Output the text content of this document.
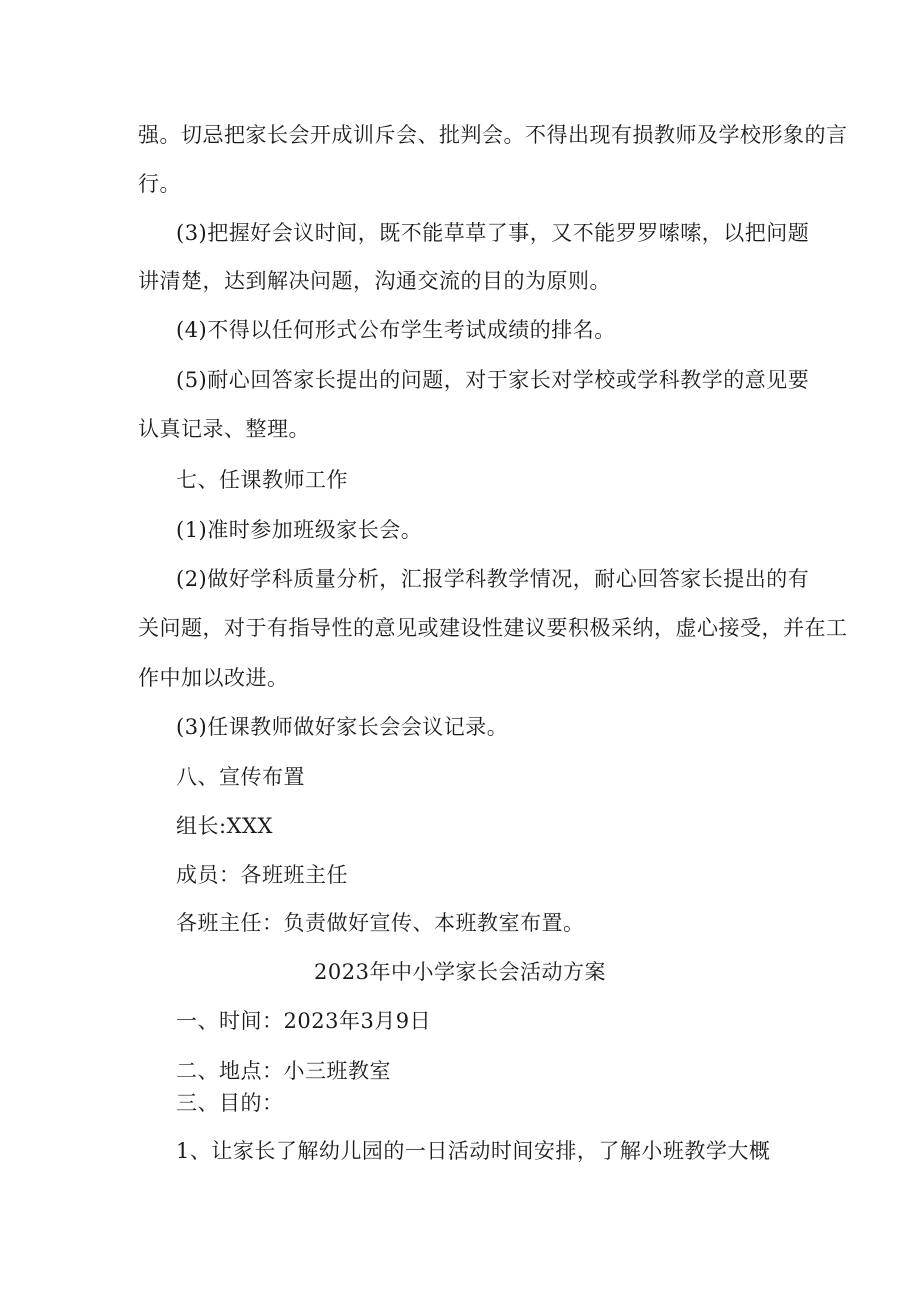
强。切忌把家长会开成训斥会、批判会。不得出现有损教师及学校形象的言
行。
(3)把握好会议时间，既不能草草了事，又不能罗罗嗦嗦，以把问题
讲清楚，达到解决问题，沟通交流的目的为原则。
(4)不得以任何形式公布学生考试成绩的排名。
(5)耐心回答家长提出的问题，对于家长对学校或学科教学的意见要
认真记录、整理。
七、任课教师工作
(1)准时参加班级家长会。
(2)做好学科质量分析，汇报学科教学情况，耐心回答家长提出的有
关问题，对于有指导性的意见或建设性建议要积极采纳，虚心接受，并在工
作中加以改进。
(3)任课教师做好家长会会议记录。
八、宣传布置
组长:XXX
成员：各班班主任
各班主任：负责做好宣传、本班教室布置。
2023年中小学家长会活动方案
一、时间：2023年3月9日
二、地点：小三班教室
三、目的：
1、让家长了解幼儿园的一日活动时间安排，了解小班教学大概
